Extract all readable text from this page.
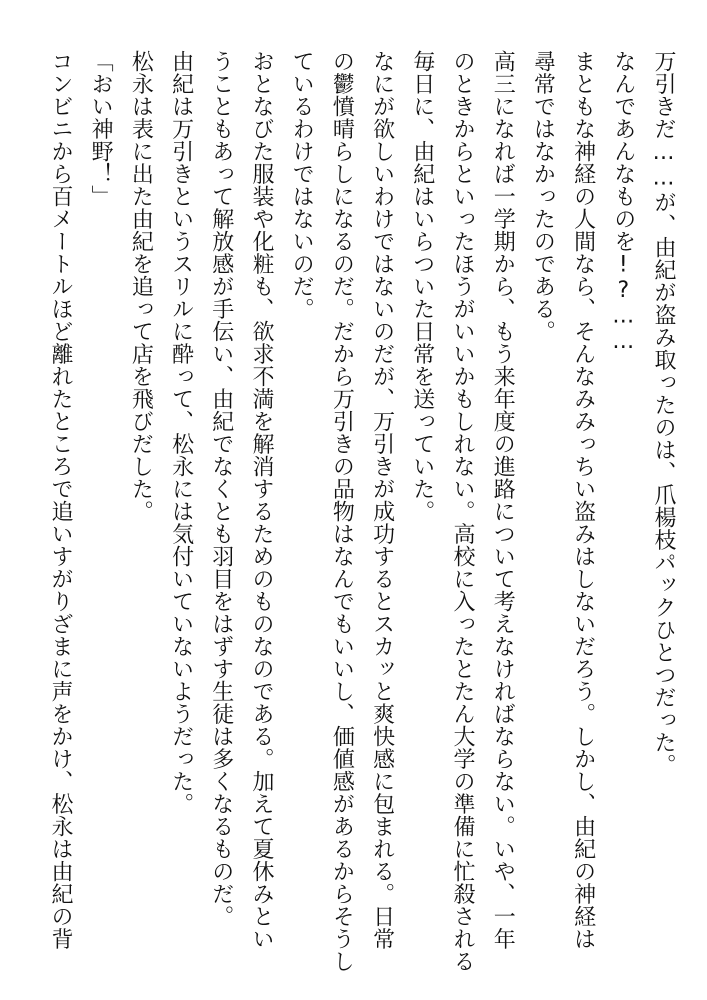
万引きだ……が、由紀が盗み取ったのは、爪楊枝パックひとつだった。
なんであんなものを!?……
まともな神経の人間なら、そんなみみっちい盗みはしないだろう。しかし、由紀の神経は
尋常ではなかったのである。
高三になれば一学期から、もう来年度の進路について考えなければならない。いや、一年
のときからといったほうがいいかもしれない。高校に入ったとたん大学の準備に忙殺される
毎日に、由紀はいらついた日常を送っていた。
なにが欲しいわけではないのだが、万引きが成功するとスカッと爽快感に包まれる。日常
の鬱憤晴らしになるのだ。だから万引きの品物はなんでもいいし、価値感があるからそうし
ているわけではないのだ。
おとなびた服装や化粧も、欲求不満を解消するためのものなのである。加えて夏休みとい
うこともあって解放感が手伝い、由紀でなくとも羽目をはずす生徒は多くなるものだ。
由紀は万引きというスリルに酔って、松永には気付いていないようだった。
松永は表に出た由紀を追って店を飛びだした。
「おい神野！」
コンビニから百メートルほど離れたところで追いすがりざまに声をかけ、松永は由紀の背
